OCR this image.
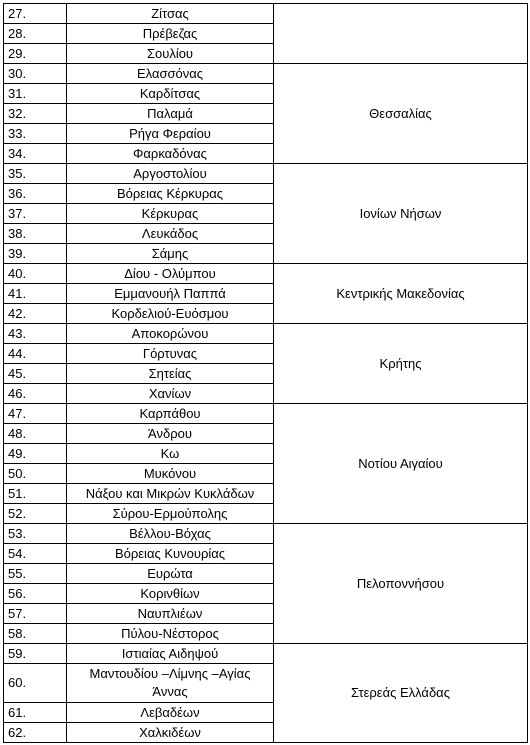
27.	Ζίτσας	
28.	Πρέβεζας	
29.	Σουλίου	
30.	Ελασσόνας	Θεσσαλίας
31.	Καρδίτσας	
32.	Παλαμά	
33.	Ρήγα Φεραίου	
34.	Φαρκαδόνας	
35.	Αργοστολίου	Ιονίων Νήσων
36.	Βόρειας Κέρκυρας	
37.	Κέρκυρας	
38.	Λευκάδος	
39.	Σάμης	
40.	Δίου - Ολύμπου	Κεντρικής Μακεδονίας
41.	Εμμανουήλ Παππά	
42.	Κορδελιού-Ευόσμου	
43.	Αποκορώνου	Κρήτης
44.	Γόρτυνας	
45.	Σητείας	
46.	Χανίων	
47.	Καρπάθου	Νοτίου Αιγαίου
48.	Άνδρου	
49.	Κω	
50.	Μυκόνου	
51.	Νάξου και Μικρών Κυκλάδων	
52.	Σύρου-Ερμούπολης	
53.	Βέλλου-Βόχας	Πελοποννήσου
54.	Βόρειας Κυνουρίας	
55.	Ευρώτα	
56.	Κορινθίων	
57.	Ναυπλιέων	
58.	Πύλου-Νέστορος	
59.	Ιστιαίας Αιδηψού	Στερεάς Ελλάδας
60.	Μαντουδίου –Λίμνης –Αγίας Άννας	
61.	Λεβαδέων	
62.	Χαλκιδέων	
